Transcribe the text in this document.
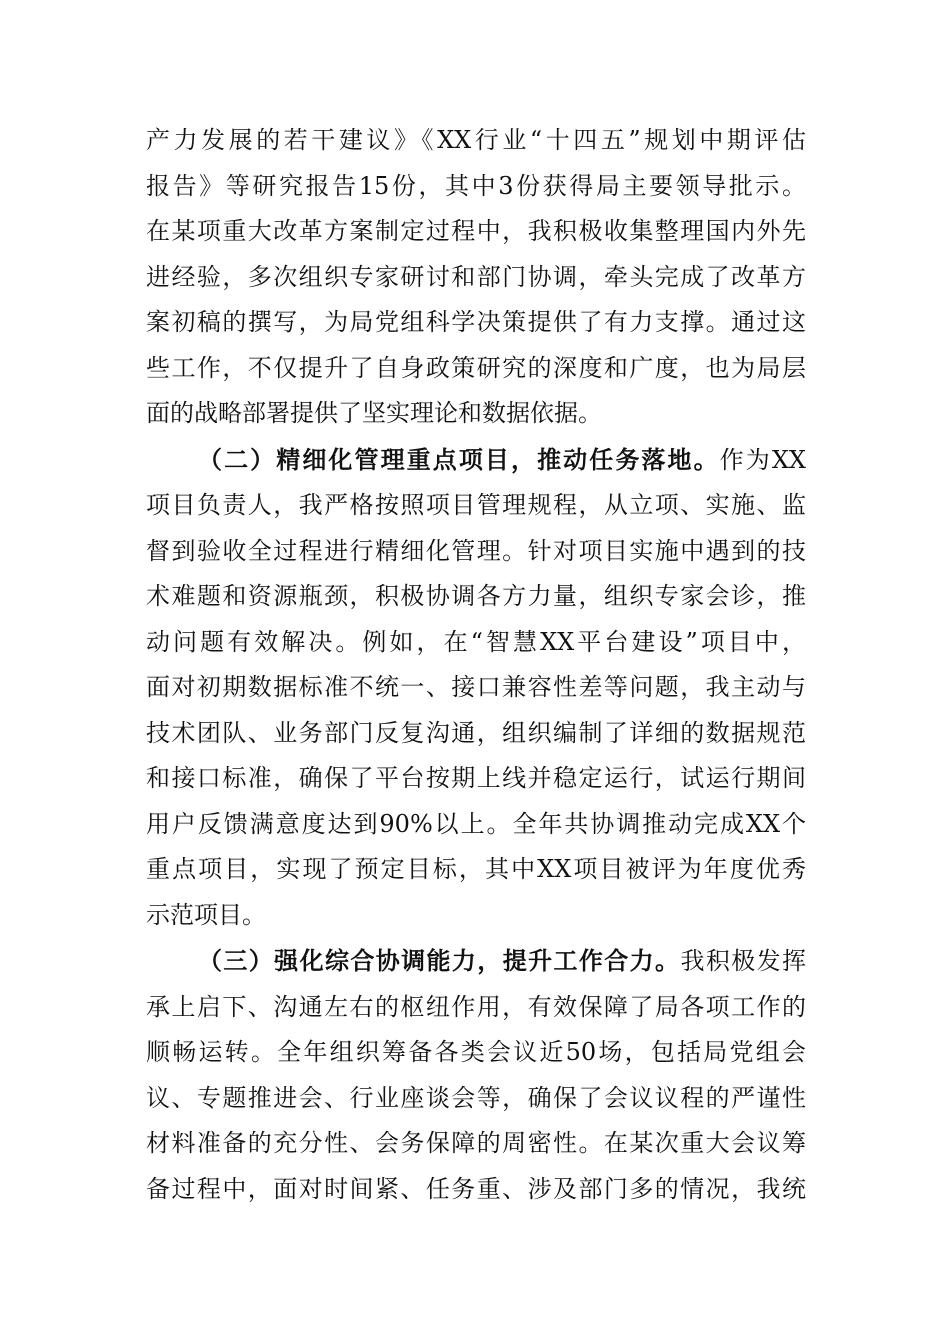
产力发展的若干建议》《XX行业“十四五”规划中期评估
报告》等研究报告15份，其中3份获得局主要领导批示。
在某项重大改革方案制定过程中，我积极收集整理国内外先
进经验，多次组织专家研讨和部门协调，牵头完成了改革方
案初稿的撰写，为局党组科学决策提供了有力支撑。通过这
些工作，不仅提升了自身政策研究的深度和广度，也为局层
面的战略部署提供了坚实理论和数据依据。
（二）精细化管理重点项目，推动任务落地。作为XX
项目负责人，我严格按照项目管理规程，从立项、实施、监
督到验收全过程进行精细化管理。针对项目实施中遇到的技
术难题和资源瓶颈，积极协调各方力量，组织专家会诊，推
动问题有效解决。例如，在“智慧XX平台建设”项目中，
面对初期数据标准不统一、接口兼容性差等问题，我主动与
技术团队、业务部门反复沟通，组织编制了详细的数据规范
和接口标准，确保了平台按期上线并稳定运行，试运行期间
用户反馈满意度达到90%以上。全年共协调推动完成XX个
重点项目，实现了预定目标，其中XX项目被评为年度优秀
示范项目。
（三）强化综合协调能力，提升工作合力。我积极发挥
承上启下、沟通左右的枢纽作用，有效保障了局各项工作的
顺畅运转。全年组织筹备各类会议近50场，包括局党组会
议、专题推进会、行业座谈会等，确保了会议议程的严谨性
材料准备的充分性、会务保障的周密性。在某次重大会议筹
备过程中，面对时间紧、任务重、涉及部门多的情况，我统
